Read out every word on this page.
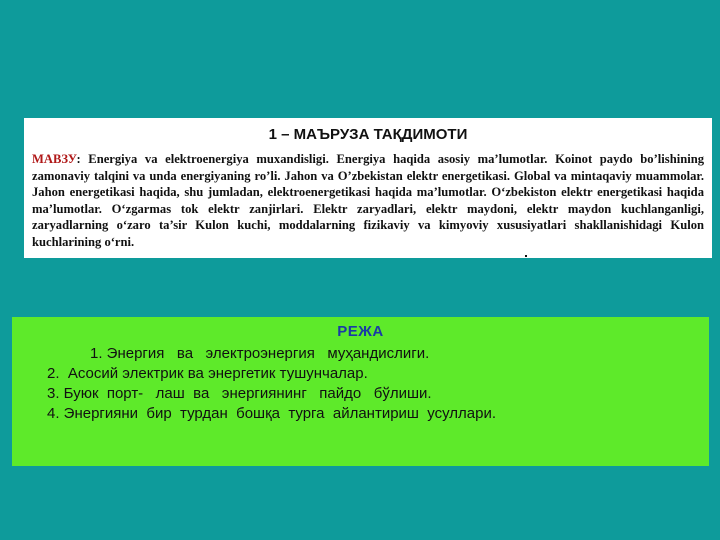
1 – МАЪРУЗА ТАҚДИМОТИ

МАВЗУ: Energiya va elektroenergiya muxandisligi. Energiya haqida asosiy ma’lumotlar. Koinot paydo bo’lishining zamonaviy talqini va unda energiyaning ro’li. Jahon va O’zbekistan elektr energetikasi. Global va mintaqaviy muammolar. Jahon energetikasi haqida, shu jumladan, elektroenergetikasi haqida ma’lumotlar. O‘zbekiston elektr energetikasi haqida ma’lumotlar. O‘zgarmas tok elektr zanjirlari. Elektr zaryadlari, elektr maydoni, elektr maydon kuchlanganligi, zaryadlarning o‘zaro ta’sir Kulon kuchi, moddalarning fizikaviy va kimyoviy xususiyatlari shakllanishidagi Kulon kuchlarining o‘rni.

РЕЖА
1. Энергия   ва   электроэнергия   муҳандислиги.
2.  Асосий электрик ва энергетик тушунчалар.
3. Буюк  порт-   лаш  ва   энергиянинг   пайдо   бўлиши.
4. Энергияни  бир  турдан  бошқа  турга  айлантириш  усуллари.
